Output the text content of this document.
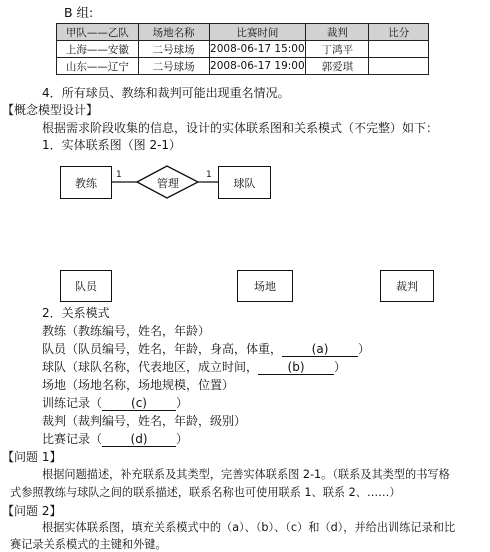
B 组:
甲队——乙队	场地名称	比赛时间	裁判	比分
上海——安徽	二号球场	2008-06-17 15:00	丁鸿平	
山东——辽宁	二号球场	2008-06-17 19:00	郭爱琪	
4．所有球员、教练和裁判可能出现重名情况。
【概念模型设计】
根据需求阶段收集的信息，设计的实体联系图和关系模式（不完整）如下：
1．实体联系图（图 2-1）
管理
1	1
教练	球队
队员	场地	裁判
2．关系模式
教练（教练编号，姓名，年龄）
队员（队员编号，姓名，年龄，身高，体重， (a) ）
球队（球队名称，代表地区，成立时间， (b) ）
场地（场地名称，场地规模，位置）
训练记录（ (c) ）
裁判（裁判编号，姓名，年龄，级别）
比赛记录（ (d) ）
【问题 1】
根据问题描述，补充联系及其类型，完善实体联系图 2-1。（联系及其类型的书写格
式参照教练与球队之间的联系描述，联系名称也可使用联系 1、联系 2、……）
【问题 2】
根据实体联系图，填充关系模式中的（a）、（b）、（c）和（d），并给出训练记录和比
赛记录关系模式的主键和外键。
